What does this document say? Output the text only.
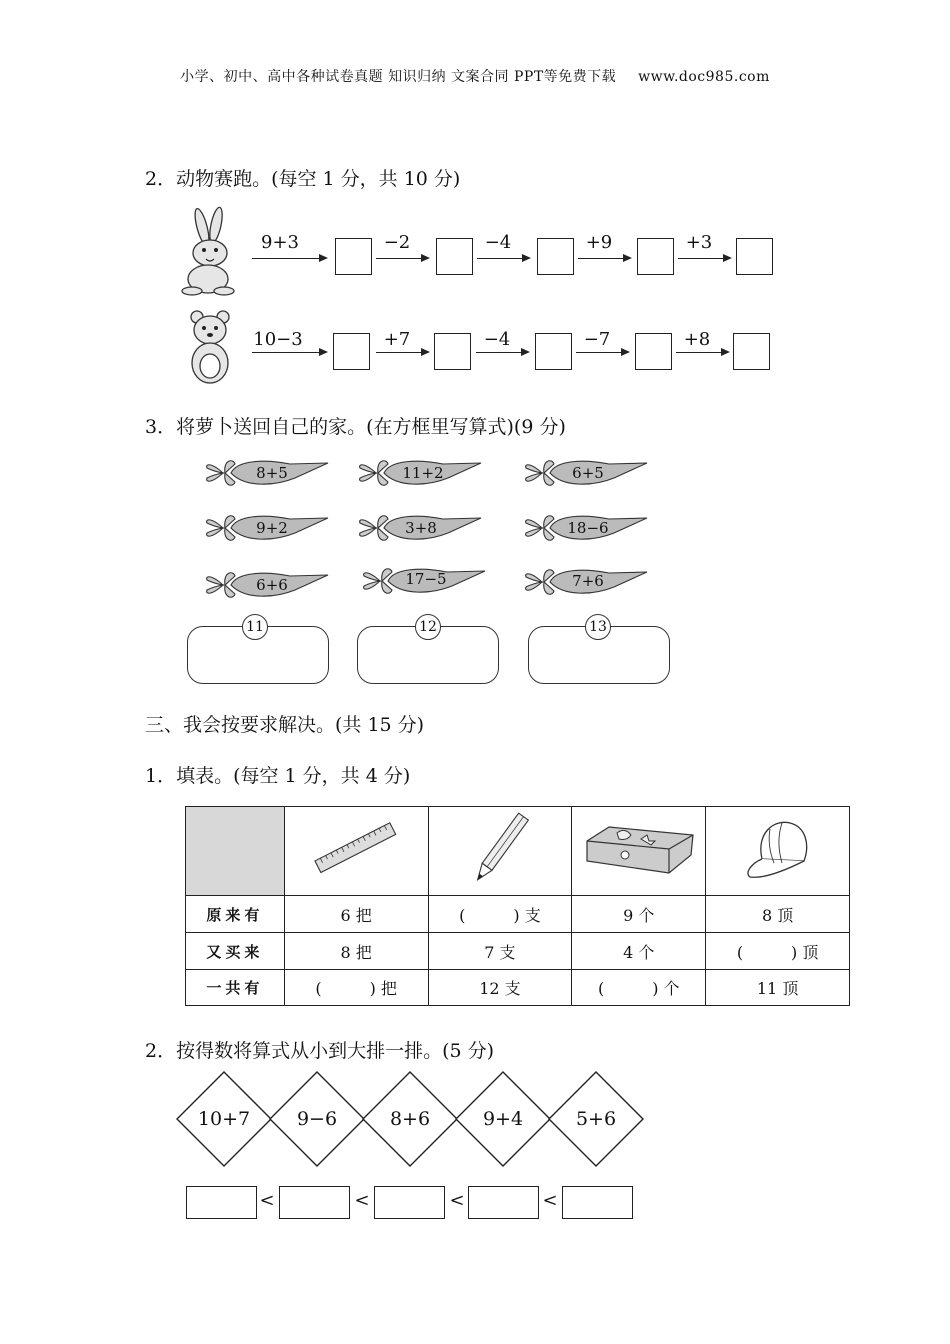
小学、初中、高中各种试卷真题 知识归纳 文案合同 PPT等免费下载 www.doc985.com
2．动物赛跑。(每空 1 分，共 10 分)
9+3	−2	−4	+9	+3
10−3	+7	−4	−7	+8
3．将萝卜送回自己的家。(在方框里写算式)(9 分)
8+5	11+2	6+5
9+2	3+8	18−6
6+6	17−5	7+6
11	12	13
三、我会按要求解决。(共 15 分)
1．填表。(每空 1 分，共 4 分)

原来有	6 把	(　　　) 支	9 个	8 顶
又买来	8 把	7 支	4 个	(　　　) 顶
一共有	(　　　) 把	12 支	(　　　) 个	11 顶
2．按得数将算式从小到大排一排。(5 分)
10+7	9−6	8+6	9+4	5+6
<	<	<	<
